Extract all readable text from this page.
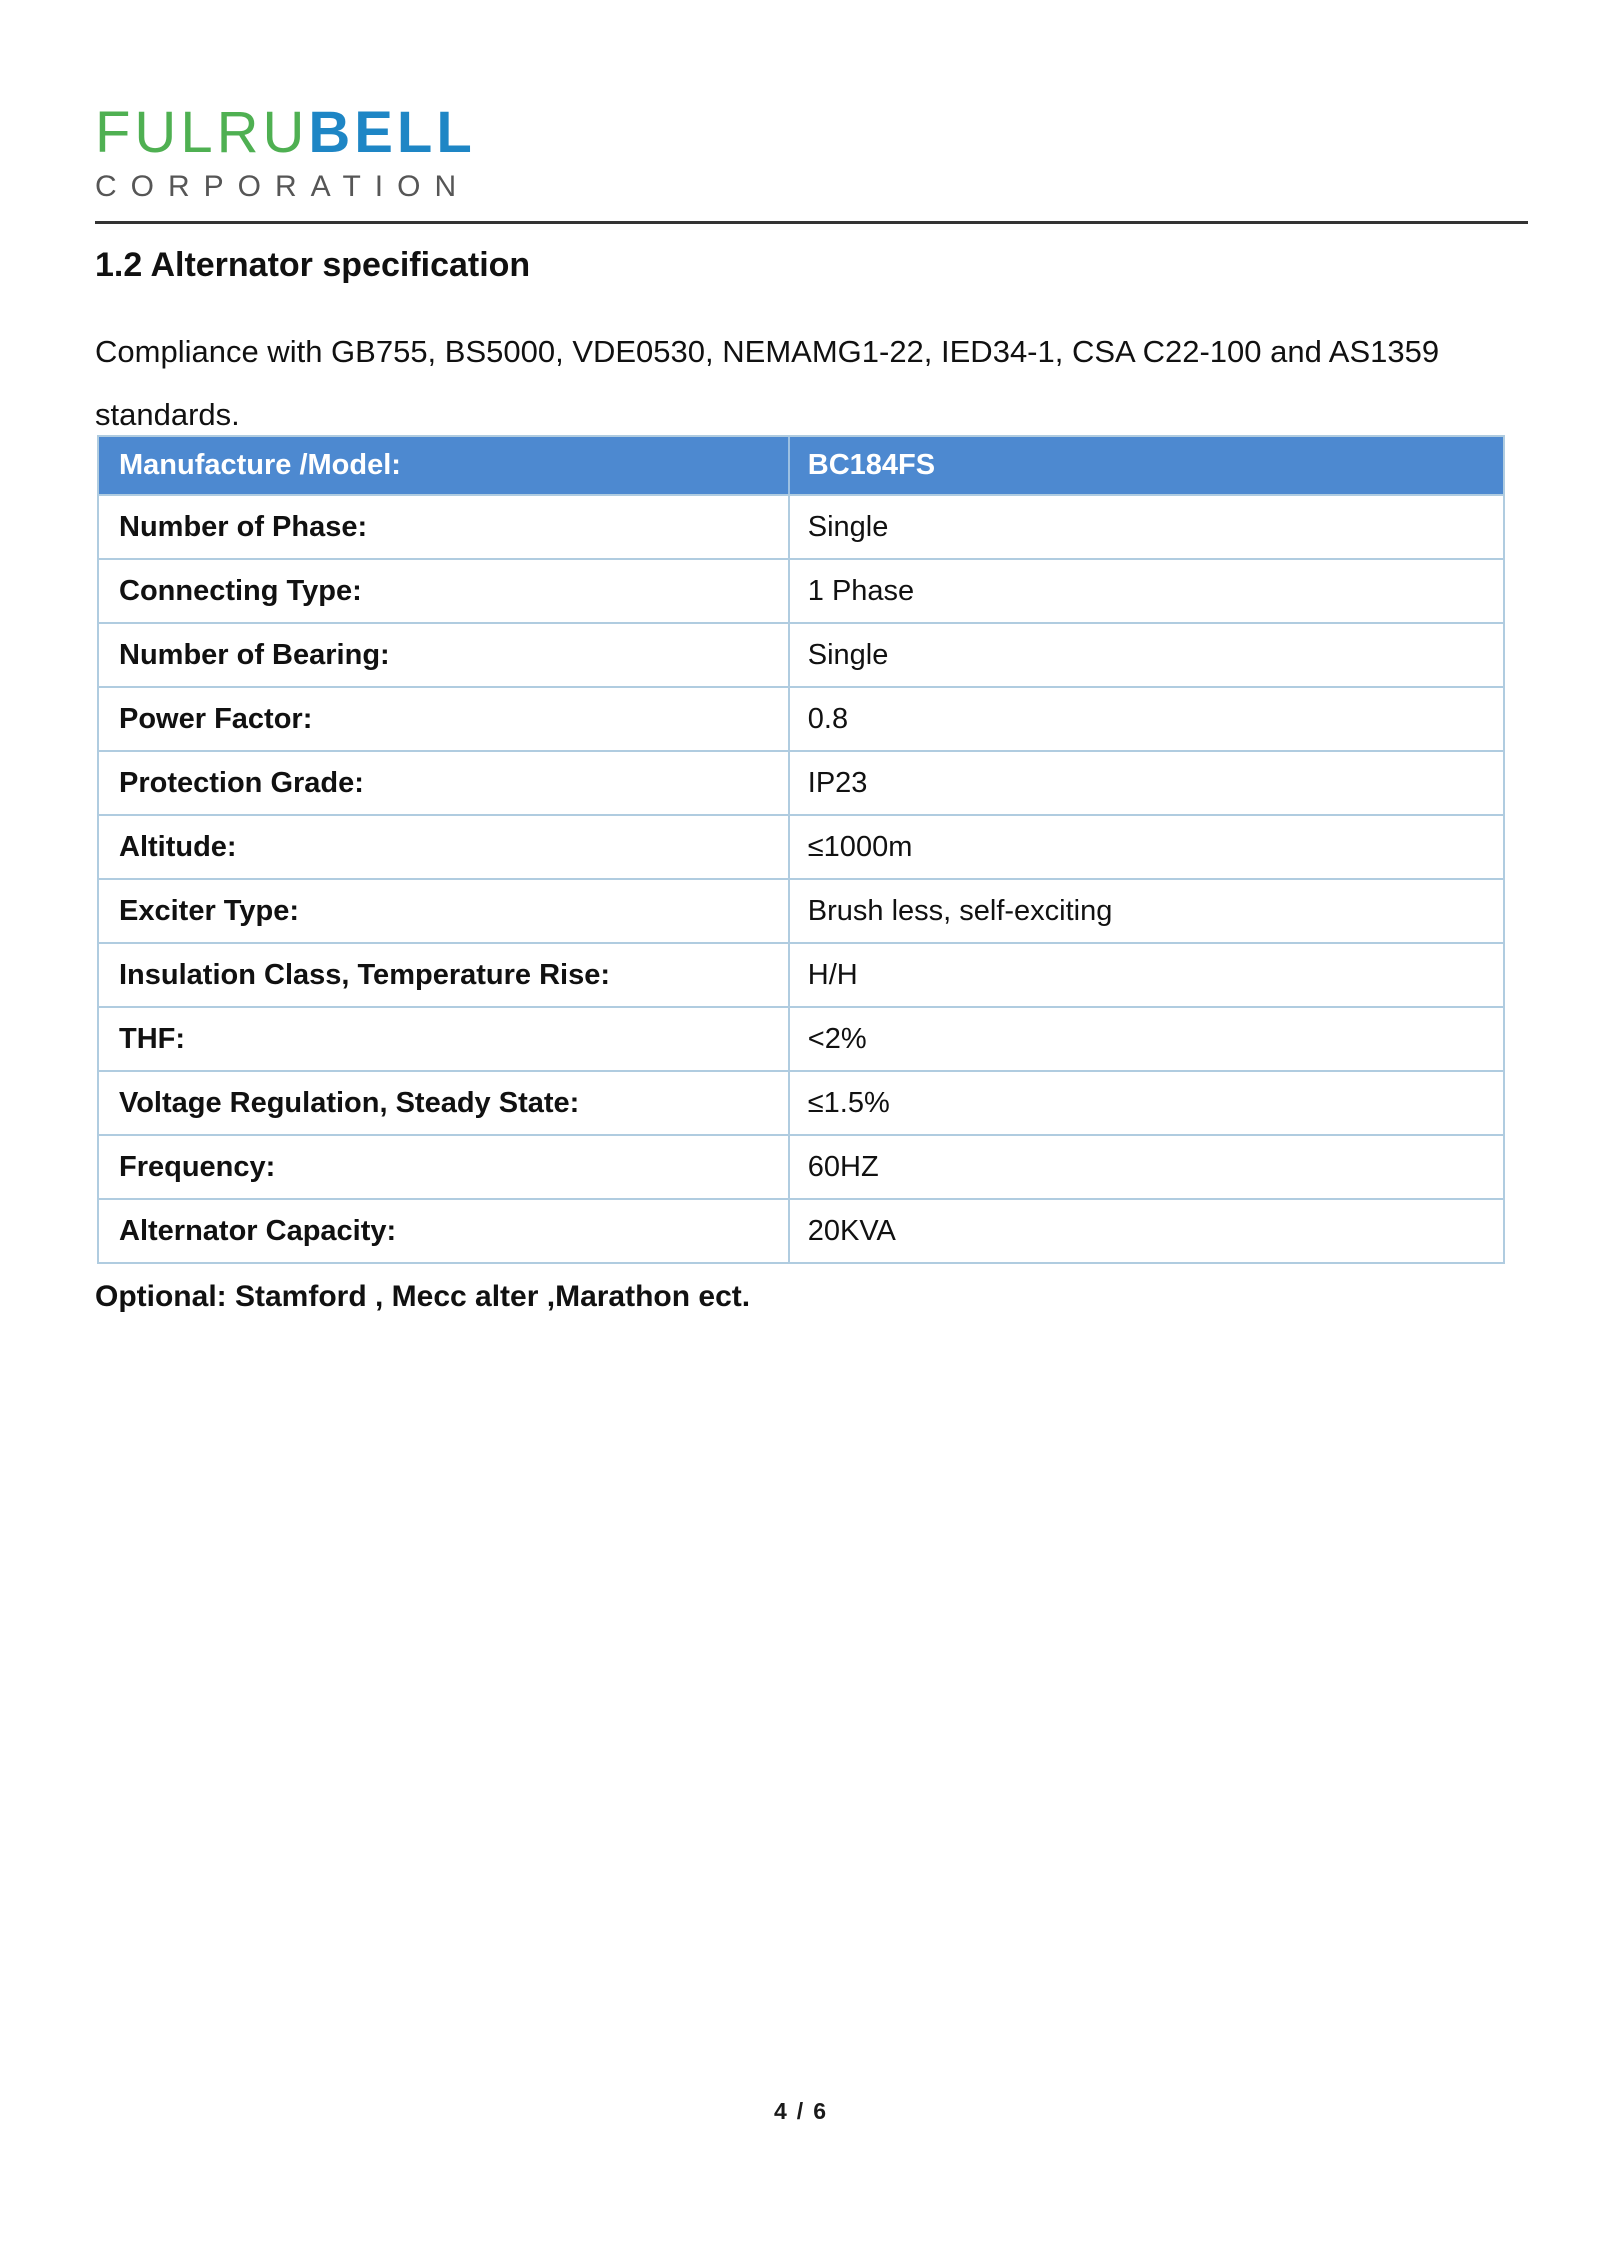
FULRUBELL
CORPORATION
1.2 Alternator specification

Compliance with GB755, BS5000, VDE0530, NEMAMG1-22, IED34-1, CSA C22-100 and AS1359
standards.

Manufacture /Model:	BC184FS
Number of Phase:	Single
Connecting Type:	1 Phase
Number of Bearing:	Single
Power Factor:	0.8
Protection Grade:	IP23
Altitude:	≤1000m
Exciter Type:	Brush less, self-exciting
Insulation Class, Temperature Rise:	H/H
THF:	<2%
Voltage Regulation, Steady State:	≤1.5%
Frequency:	60HZ
Alternator Capacity:	20KVA

Optional: Stamford , Mecc alter ,Marathon ect.

4 / 6
